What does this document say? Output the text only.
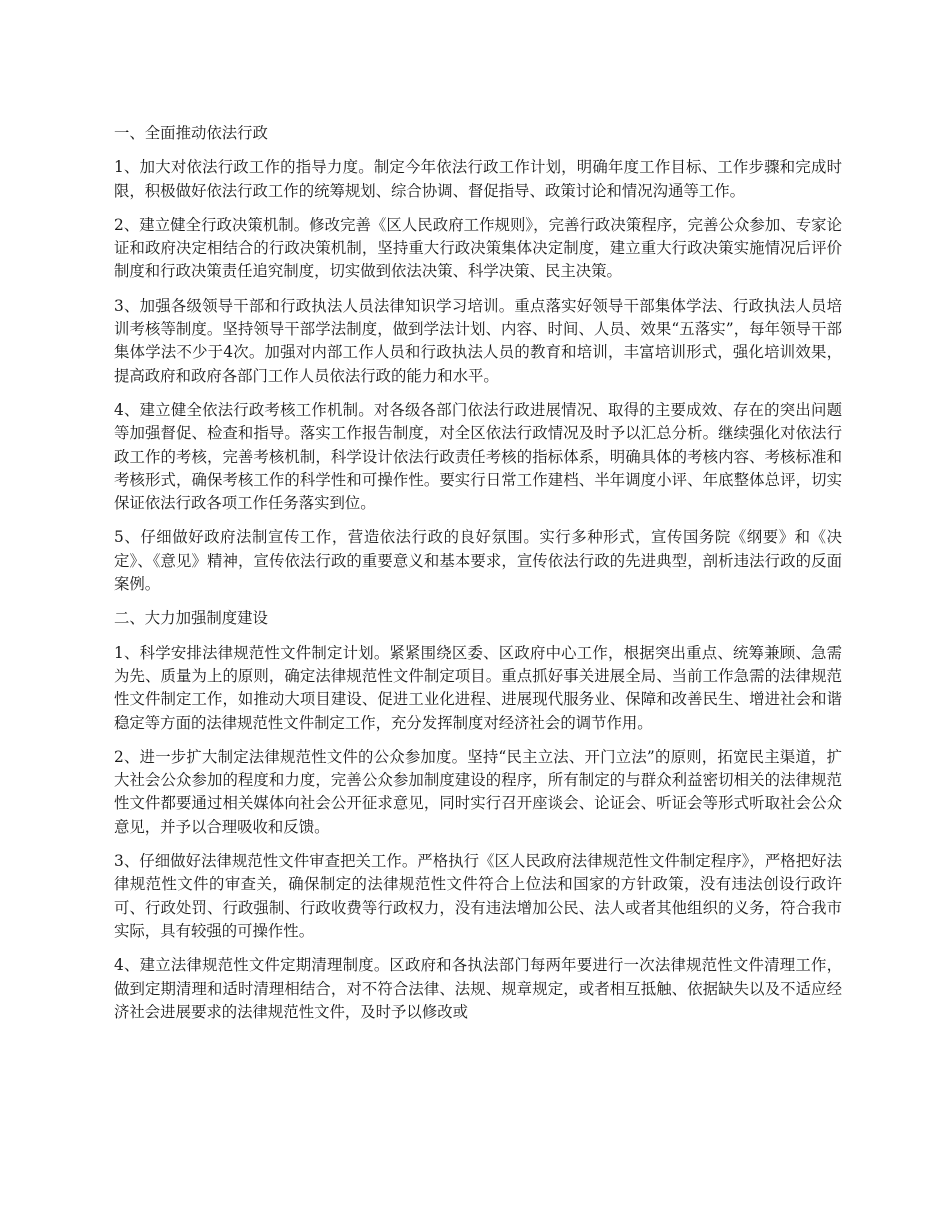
一、全面推动依法行政

1、加大对依法行政工作的指导力度。制定今年依法行政工作计划，明确年度工作目标、工作步骤和完成时限，积极做好依法行政工作的统筹规划、综合协调、督促指导、政策讨论和情况沟通等工作。

2、建立健全行政决策机制。修改完善《区人民政府工作规则》，完善行政决策程序，完善公众参加、专家论证和政府决定相结合的行政决策机制，坚持重大行政决策集体决定制度，建立重大行政决策实施情况后评价制度和行政决策责任追究制度，切实做到依法决策、科学决策、民主决策。

3、加强各级领导干部和行政执法人员法律知识学习培训。重点落实好领导干部集体学法、行政执法人员培训考核等制度。坚持领导干部学法制度，做到学法计划、内容、时间、人员、效果“五落实”，每年领导干部集体学法不少于4次。加强对内部工作人员和行政执法人员的教育和培训，丰富培训形式，强化培训效果，提高政府和政府各部门工作人员依法行政的能力和水平。

4、建立健全依法行政考核工作机制。对各级各部门依法行政进展情况、取得的主要成效、存在的突出问题等加强督促、检查和指导。落实工作报告制度，对全区依法行政情况及时予以汇总分析。继续强化对依法行政工作的考核，完善考核机制，科学设计依法行政责任考核的指标体系，明确具体的考核内容、考核标准和考核形式，确保考核工作的科学性和可操作性。要实行日常工作建档、半年调度小评、年底整体总评，切实保证依法行政各项工作任务落实到位。

5、仔细做好政府法制宣传工作，营造依法行政的良好氛围。实行多种形式，宣传国务院《纲要》和《决定》、《意见》精神，宣传依法行政的重要意义和基本要求，宣传依法行政的先进典型，剖析违法行政的反面案例。

二、大力加强制度建设

1、科学安排法律规范性文件制定计划。紧紧围绕区委、区政府中心工作，根据突出重点、统筹兼顾、急需为先、质量为上的原则，确定法律规范性文件制定项目。重点抓好事关进展全局、当前工作急需的法律规范性文件制定工作，如推动大项目建设、促进工业化进程、进展现代服务业、保障和改善民生、增进社会和谐稳定等方面的法律规范性文件制定工作，充分发挥制度对经济社会的调节作用。

2、进一步扩大制定法律规范性文件的公众参加度。坚持“民主立法、开门立法”的原则，拓宽民主渠道，扩大社会公众参加的程度和力度，完善公众参加制度建设的程序，所有制定的与群众利益密切相关的法律规范性文件都要通过相关媒体向社会公开征求意见，同时实行召开座谈会、论证会、听证会等形式听取社会公众意见，并予以合理吸收和反馈。

3、仔细做好法律规范性文件审查把关工作。严格执行《区人民政府法律规范性文件制定程序》，严格把好法律规范性文件的审查关，确保制定的法律规范性文件符合上位法和国家的方针政策，没有违法创设行政许可、行政处罚、行政强制、行政收费等行政权力，没有违法增加公民、法人或者其他组织的义务，符合我市实际，具有较强的可操作性。

4、建立法律规范性文件定期清理制度。区政府和各执法部门每两年要进行一次法律规范性文件清理工作，做到定期清理和适时清理相结合，对不符合法律、法规、规章规定，或者相互抵触、依据缺失以及不适应经济社会进展要求的法律规范性文件，及时予以修改或
